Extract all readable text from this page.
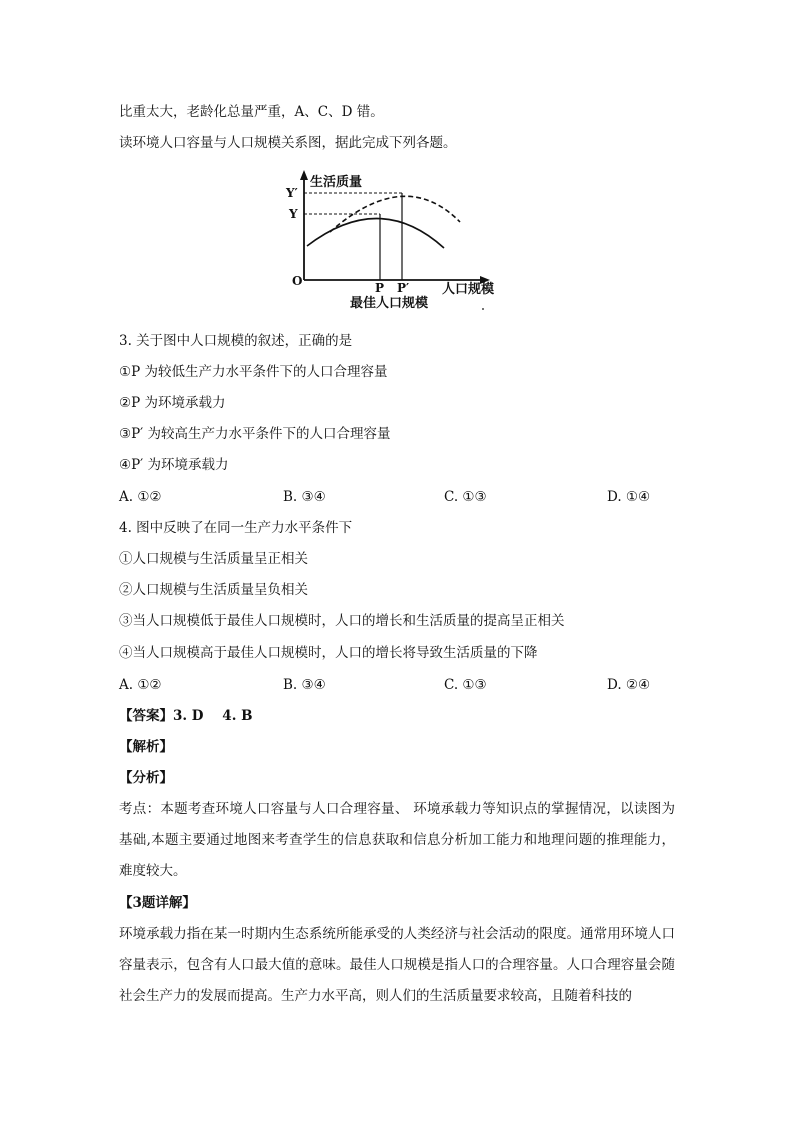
比重太大，老龄化总量严重，A、C、D 错。
读环境人口容量与人口规模关系图，据此完成下列各题。
生活质量
Y′
Y
O	P P′	人口规模
最佳人口规模
3. 关于图中人口规模的叙述，正确的是
①P 为较低生产力水平条件下的人口合理容量
②P 为环境承载力
③P′ 为较高生产力水平条件下的人口合理容量
④P′ 为环境承载力
A. ①②	B. ③④	C. ①③	D. ①④
4. 图中反映了在同一生产力水平条件下
①人口规模与生活质量呈正相关
②人口规模与生活质量呈负相关
③当人口规模低于最佳人口规模时，人口的增长和生活质量的提高呈正相关
④当人口规模高于最佳人口规模时，人口的增长将导致生活质量的下降
A. ①②	B. ③④	C. ①③	D. ②④
【答案】3. D    4. B
【解析】
【分析】
考点：本题考查环境人口容量与人口合理容量、 环境承载力等知识点的掌握情况，以读图为基础,本题主要通过地图来考查学生的信息获取和信息分析加工能力和地理问题的推理能力，难度较大。
【3题详解】
环境承载力指在某一时期内生态系统所能承受的人类经济与社会活动的限度。通常用环境人口容量表示，包含有人口最大值的意味。最佳人口规模是指人口的合理容量。人口合理容量会随社会生产力的发展而提高。生产力水平高，则人们的生活质量要求较高，且随着科技的
